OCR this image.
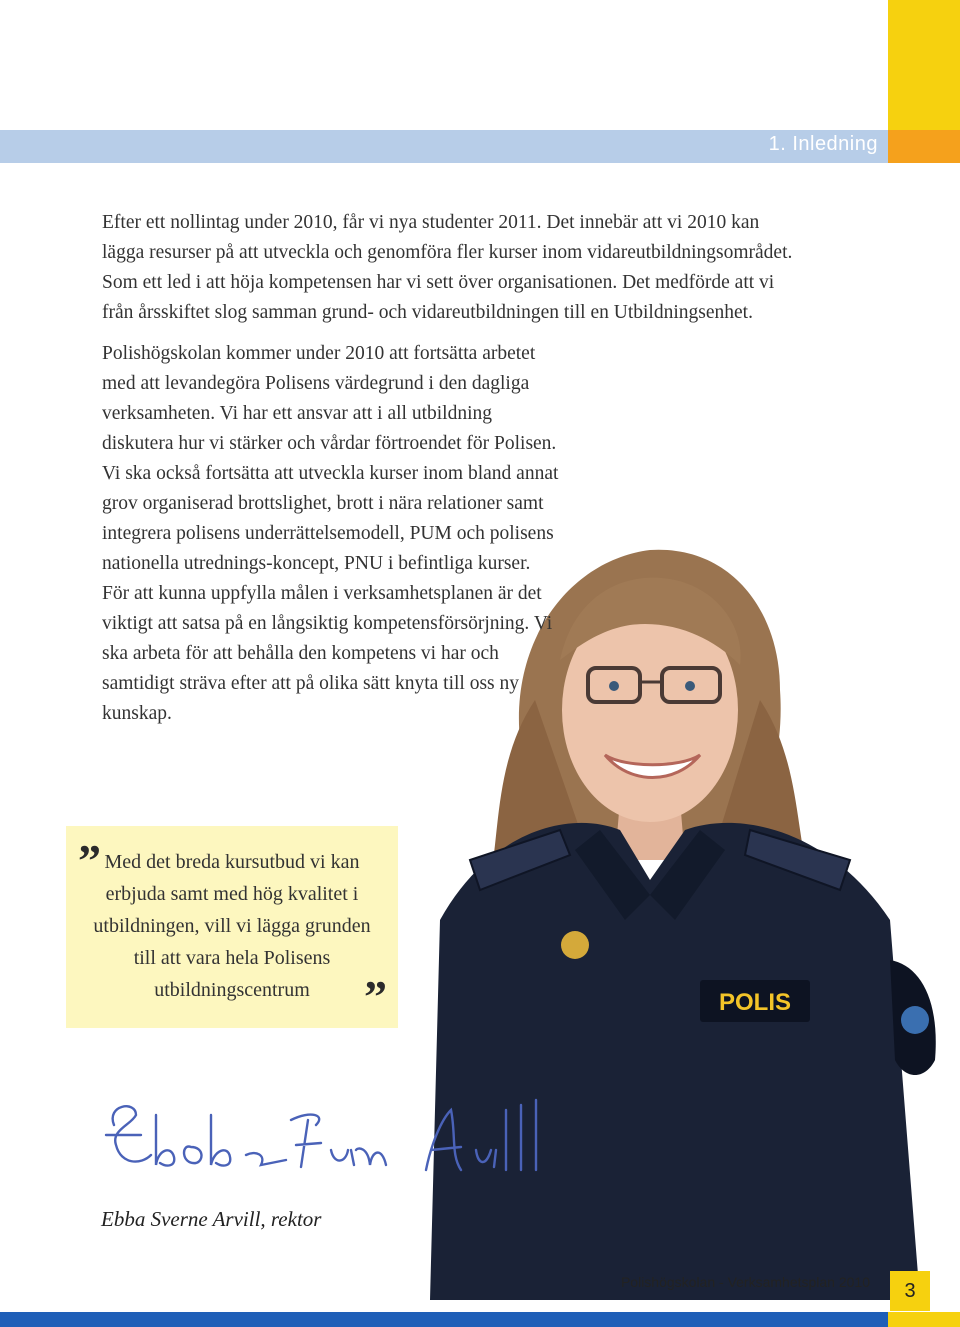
1. Inledning
POLIS

Efter ett nollintag under 2010, får vi nya studenter 2011. Det innebär att vi 2010 kan lägga resurser på att utveckla och genomföra fler kurser inom vidareutbildningsområdet. Som ett led i att höja kompetensen har vi sett över organisationen. Det medförde att vi från årsskiftet slog samman grund- och vidareutbildningen till en Utbildningsenhet.

Polishögskolan kommer under 2010 att fortsätta arbetet med att levandegöra Polisens värdegrund i den dagliga verksamheten. Vi har ett ansvar att i all utbildning diskutera hur vi stärker och vårdar förtroendet för Polisen. Vi ska också fortsätta att utveckla kurser inom bland annat grov organiserad brottslighet, brott i nära relationer samt integrera polisens underrättelsemodell, PUM och polisens nationella utrednings-koncept, PNU i befintliga kurser. För att kunna uppfylla målen i verksamhetsplanen är det viktigt att satsa på en långsiktig kompetensförsörjning. Vi ska arbeta för att behålla den kompetens vi har och samtidigt sträva efter att på olika sätt knyta till oss ny kunskap.

” Med det breda kursutbud vi kan erbjuda samt med hög kvalitet i utbildningen, vill vi lägga grunden till att vara hela Polisens utbildningscentrum	”
Ebba Sverne Arvill, rektor
Polishögskolan - Verksamhetsplan 2010	3
